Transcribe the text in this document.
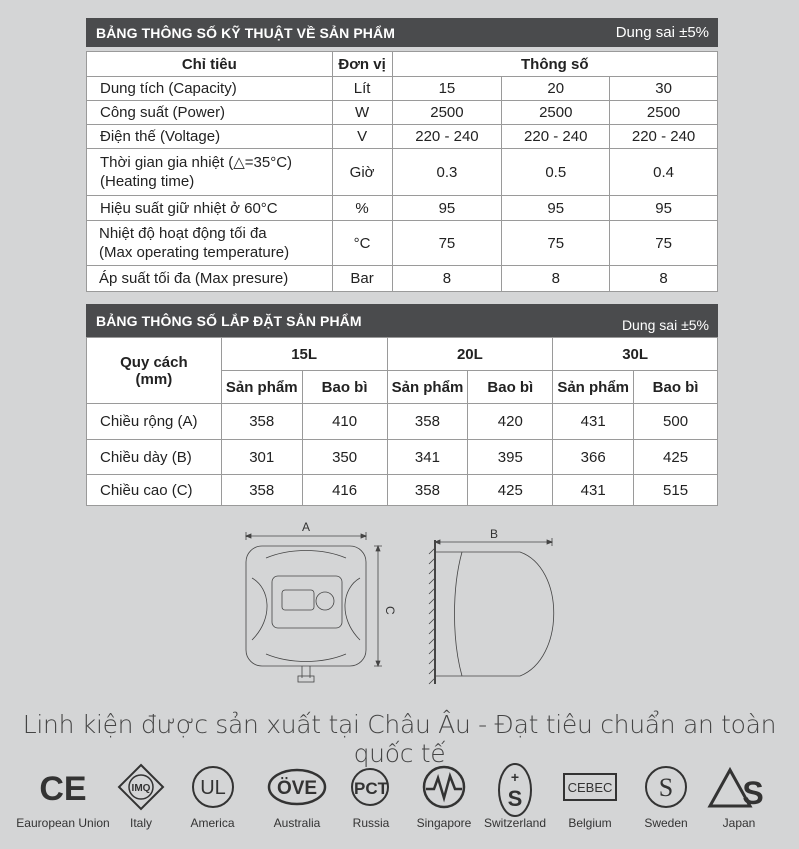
BẢNG THÔNG SỐ KỸ THUẬT VỀ SẢN PHẨM	Dung sai ±5%
Chỉ tiêu	Đơn vị	Thông số		
Dung tích (Capacity)	Lít	15	20	30
Công suất (Power)	W	2500	2500	2500
Điện thế (Voltage)	V	220 - 240	220 - 240	220 - 240
Thời gian gia nhiệt (△=35°C)
(Heating time)	Giờ	0.3	0.5	0.4
Hiệu suất giữ nhiệt ở 60°C	%	95	95	95
Nhiệt độ hoạt động tối đa
(Max operating temperature)	°C	75	75	75
Áp suất tối đa (Max presure)	Bar	8	8	8
BẢNG THÔNG SỐ LẮP ĐẶT SẢN PHẨM	Dung sai ±5%
Quy cách
(mm)	15L		20L		30L	
	Sản phẩm	Bao bì	Sản phẩm	Bao bì	Sản phẩm	Bao bì
Chiều rộng (A)	358	410	358	420	431	500
Chiều dày (B)	301	350	341	395	366	425
Chiều cao (C)	358	416	358	425	431	515
A	B
C
Linh kiện được sản xuất tại Châu Âu - Đạt tiêu chuẩn an toàn quốc tế
CE
Eauropean Union
IMQ
Italy
UL
America
ÖVE
Australia
PCT
Russia	Singapore
+
S
Switzerland
CEBEC
Belgium
S
Sweden
S
Japan
